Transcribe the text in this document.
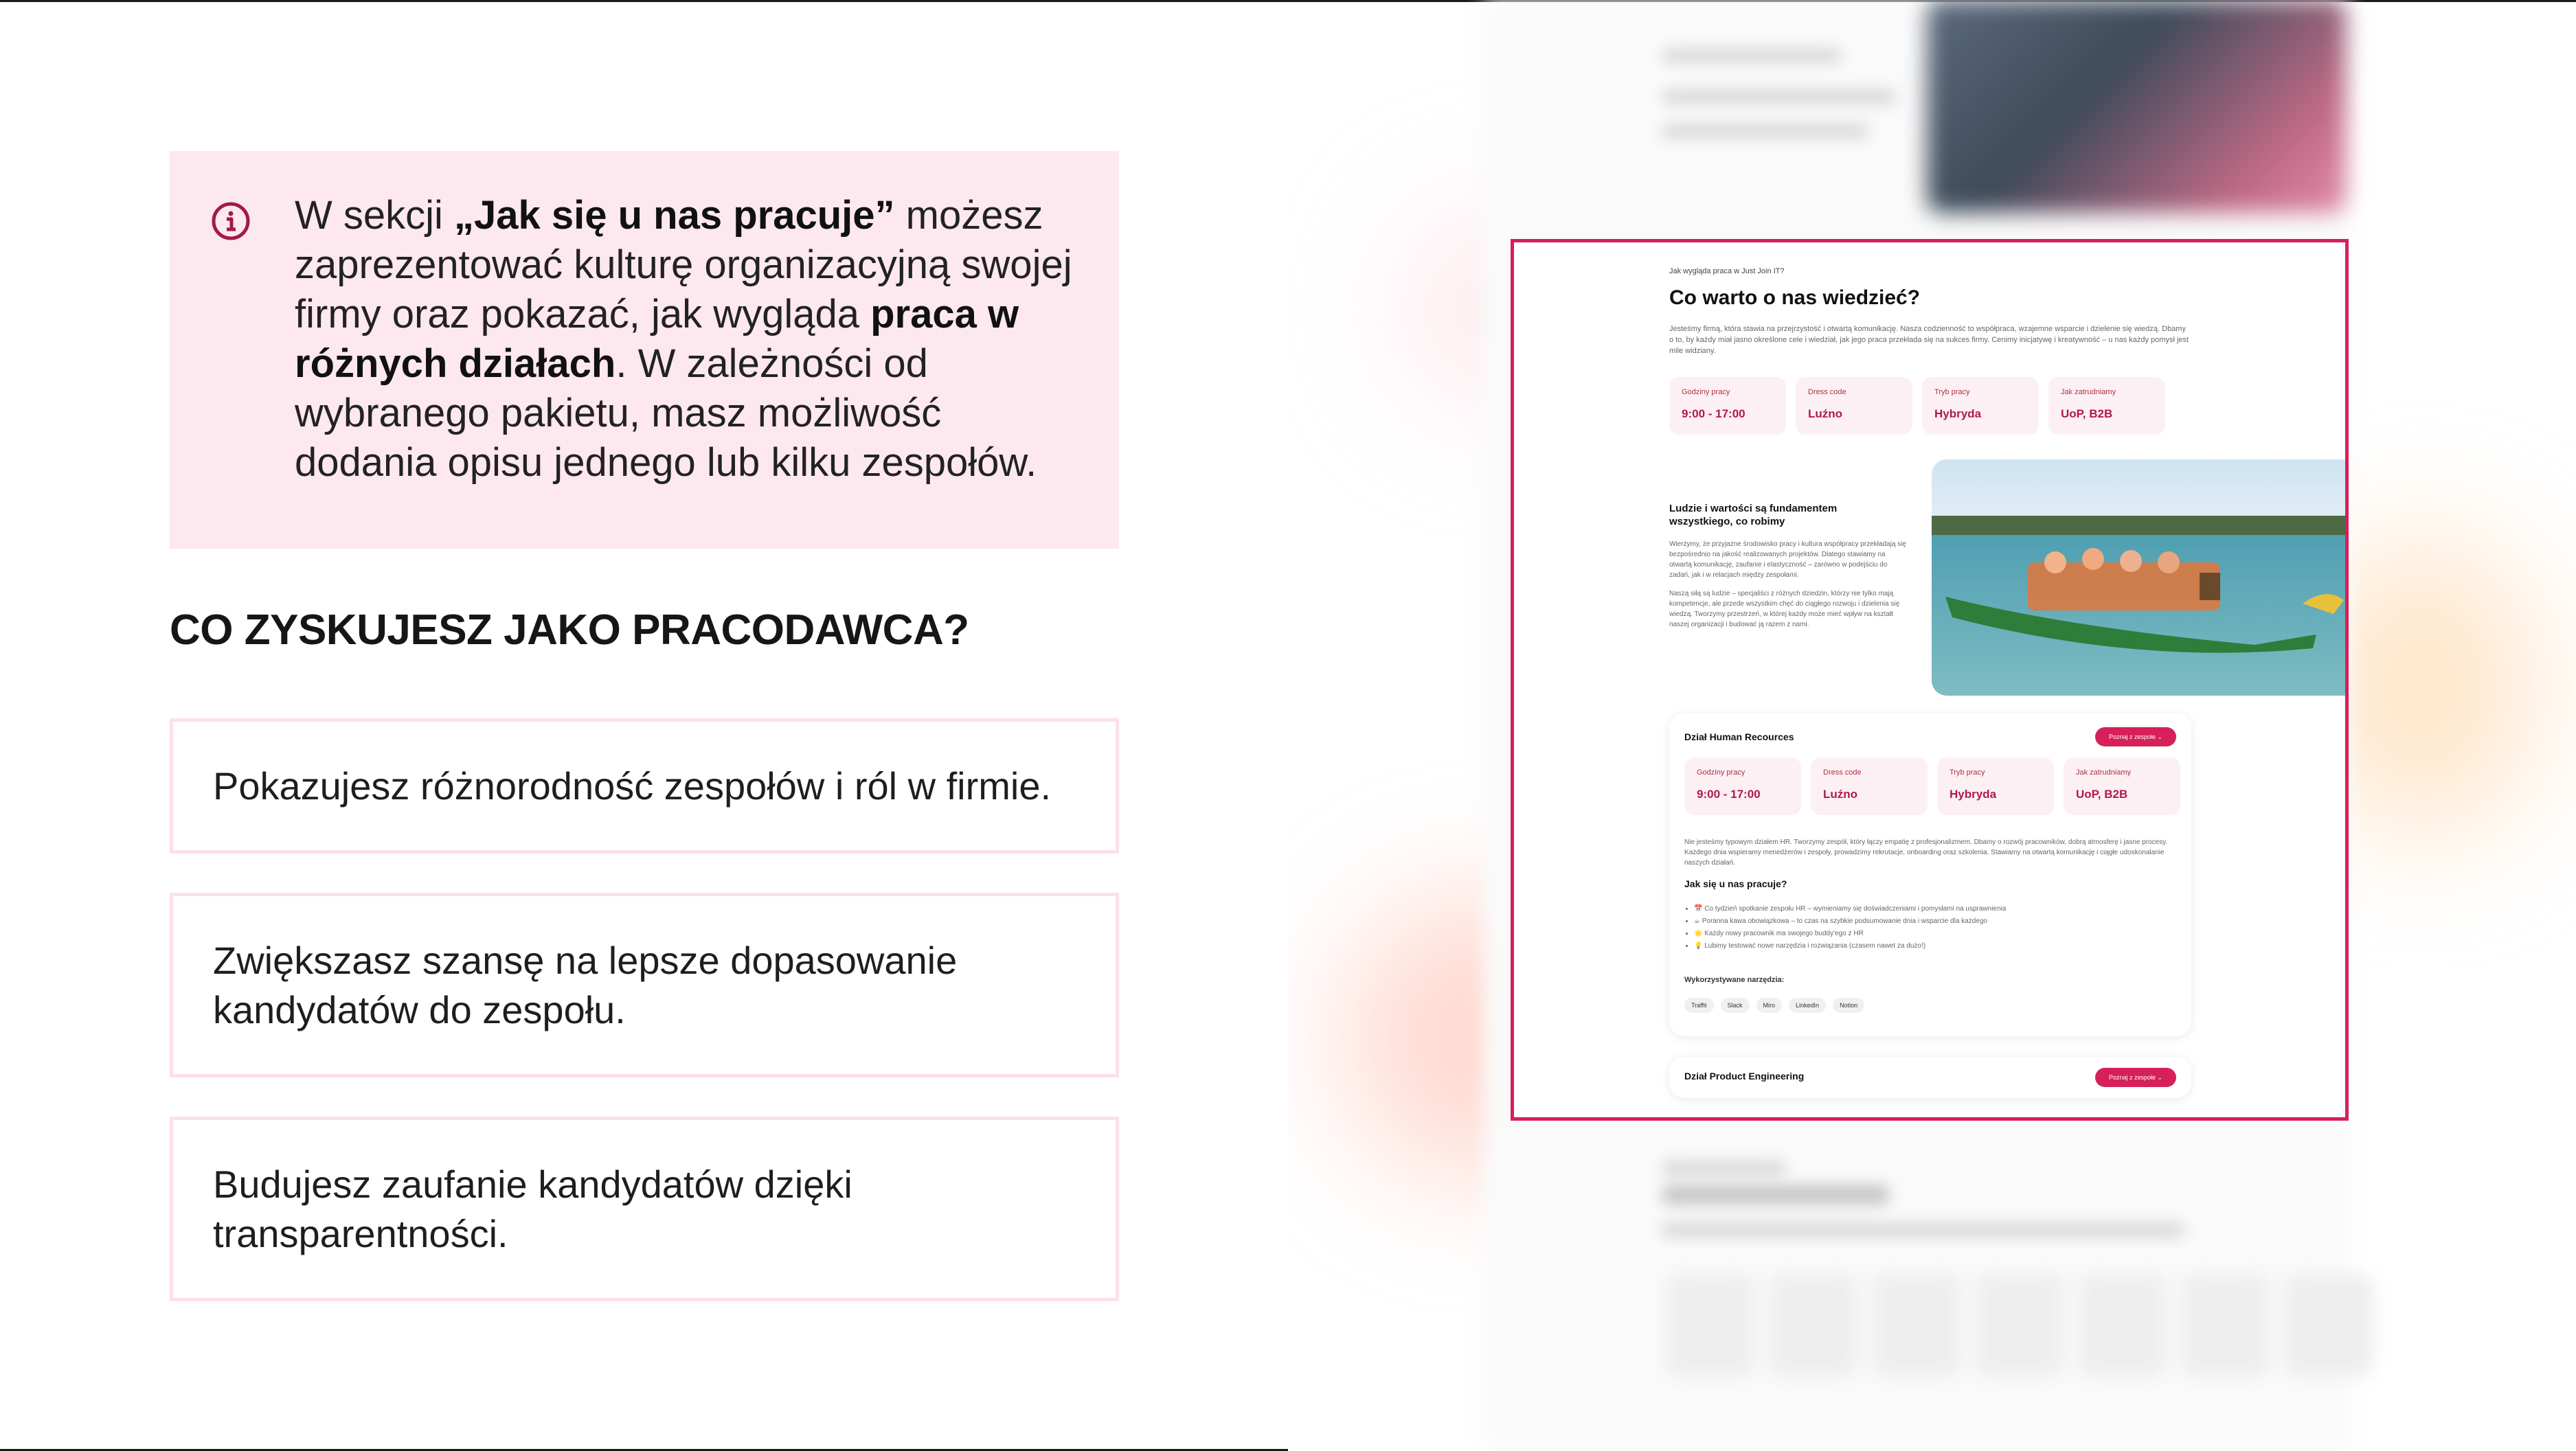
W sekcji „Jak się u nas pracuje” możesz zaprezentować kulturę organizacyjną swojej firmy oraz pokazać, jak wygląda praca w różnych działach. W zależności od wybranego pakietu, masz możliwość dodania opisu jednego lub kilku zespołów.
CO ZYSKUJESZ JAKO PRACODAWCA?
Pokazujesz różnorodność zespołów i ról w firmie.
Zwiększasz szansę na lepsze dopasowanie kandydatów do zespołu.
Budujesz zaufanie kandydatów dzięki transparentności.
Jak wygląda praca w Just Join IT?
Co warto o nas wiedzieć?
Jesteśmy firmą, która stawia na przejrzystość i otwartą komunikację. Nasza codzienność to współpraca, wzajemne wsparcie i dzielenie się wiedzą. Dbamy o to, by każdy miał jasno określone cele i wiedział, jak jego praca przekłada się na sukces firmy. Cenimy inicjatywę i kreatywność – u nas każdy pomysł jest mile widziany.
Godziny pracy
9:00 - 17:00
Dress code
Luźno
Tryb pracy
Hybryda
Jak zatrudniamy
UoP, B2B
Ludzie i wartości są fundamentem wszystkiego, co robimy
Wierzymy, że przyjazne środowisko pracy i kultura współpracy przekładają się bezpośrednio na jakość realizowanych projektów. Dlatego stawiamy na otwartą komunikację, zaufanie i elastyczność – zarówno w podejściu do zadań, jak i w relacjach między zespołami.
Naszą siłą są ludzie – specjaliści z różnych dziedzin, którzy nie tylko mają kompetencje, ale przede wszystkim chęć do ciągłego rozwoju i dzielenia się wiedzą. Tworzymy przestrzeń, w której każdy może mieć wpływ na kształt naszej organizacji i budować ją razem z nami.
Dział Human Recources	Poznaj z zespołe
⌄
Godziny pracy
9:00 - 17:00
Dress code
Luźno
Tryb pracy
Hybryda
Jak zatrudniamy
UoP, B2B
Nie jesteśmy typowym działem HR. Tworzymy zespół, który łączy empatię z profesjonalizmem. Dbamy o rozwój pracowników, dobrą atmosferę i jasne procesy. Każdego dnia wspieramy menedżerów i zespoły, prowadzimy rekrutacje, onboarding oraz szkolenia. Stawiamy na otwartą komunikację i ciągłe udoskonalanie naszych działań.
Jak się u nas pracuje?
• 📅 Co tydzień spotkanie zespołu HR – wymieniamy się doświadczeniami i pomysłami na usprawnienia
• ☕ Poranna kawa obowiązkowa – to czas na szybkie podsumowanie dnia i wsparcie dla każdego
• 🌟 Każdy nowy pracownik ma swojego buddy'ego z HR
• 💡 Lubimy testować nowe narzędzia i rozwiązania (czasem nawet za dużo!)
Wykorzystywane narzędzia:
Traffit	Slack	Miro	LinkedIn	Notion
Dział Product Engineering	Poznaj z zespołe
⌄
